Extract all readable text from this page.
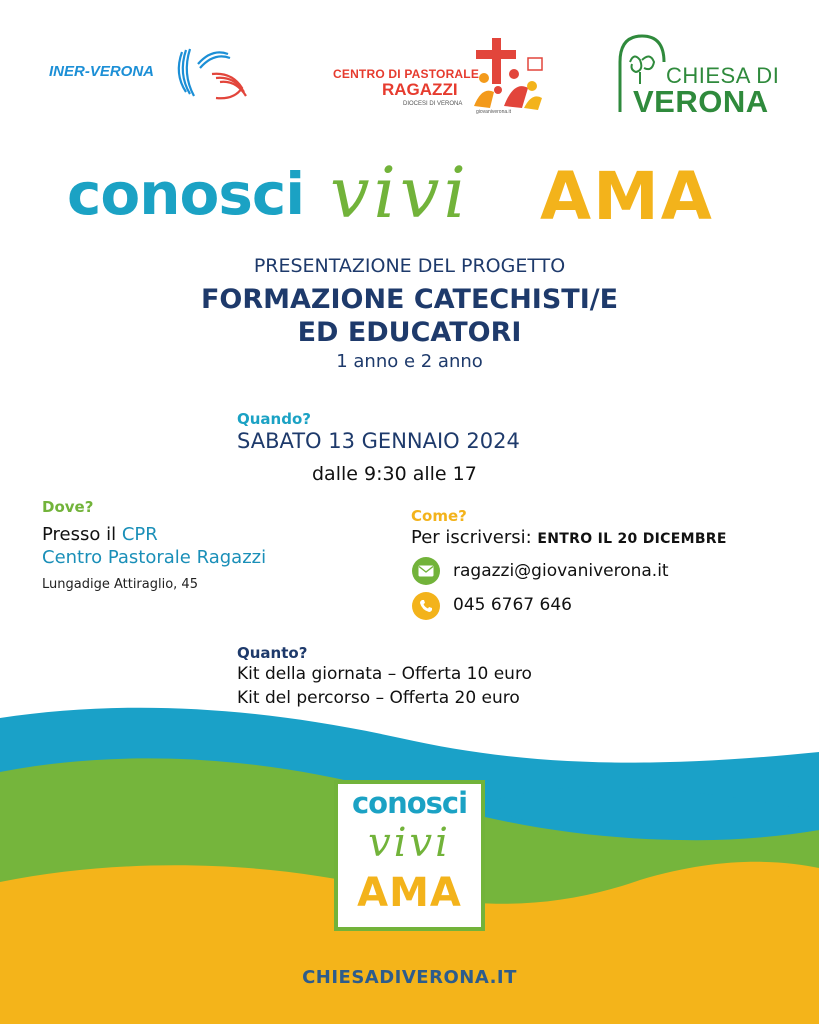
INER-VERONA	CENTRO DI PASTORALE
RAGAZZI
DIOCESI DI VERONA
giovaniverona.it
CHIESA DI
VERONA
conosci vivi AMA
PRESENTAZIONE DEL PROGETTO
FORMAZIONE CATECHISTI/E
ED EDUCATORI
1 anno e 2 anno
Quando?
SABATO 13 GENNAIO 2024
dalle 9:30 alle 17
Dove?
Presso il CPR
Centro Pastorale Ragazzi
Lungadige Attiraglio, 45
Come?
Per iscriversi: ENTRO IL 20 DICEMBRE
ragazzi@giovaniverona.it
045 6767 646
Quanto?
Kit della giornata – Offerta 10 euro
Kit del percorso – Offerta 20 euro
conosci
vivi
AMA
CHIESADIVERONA.IT
